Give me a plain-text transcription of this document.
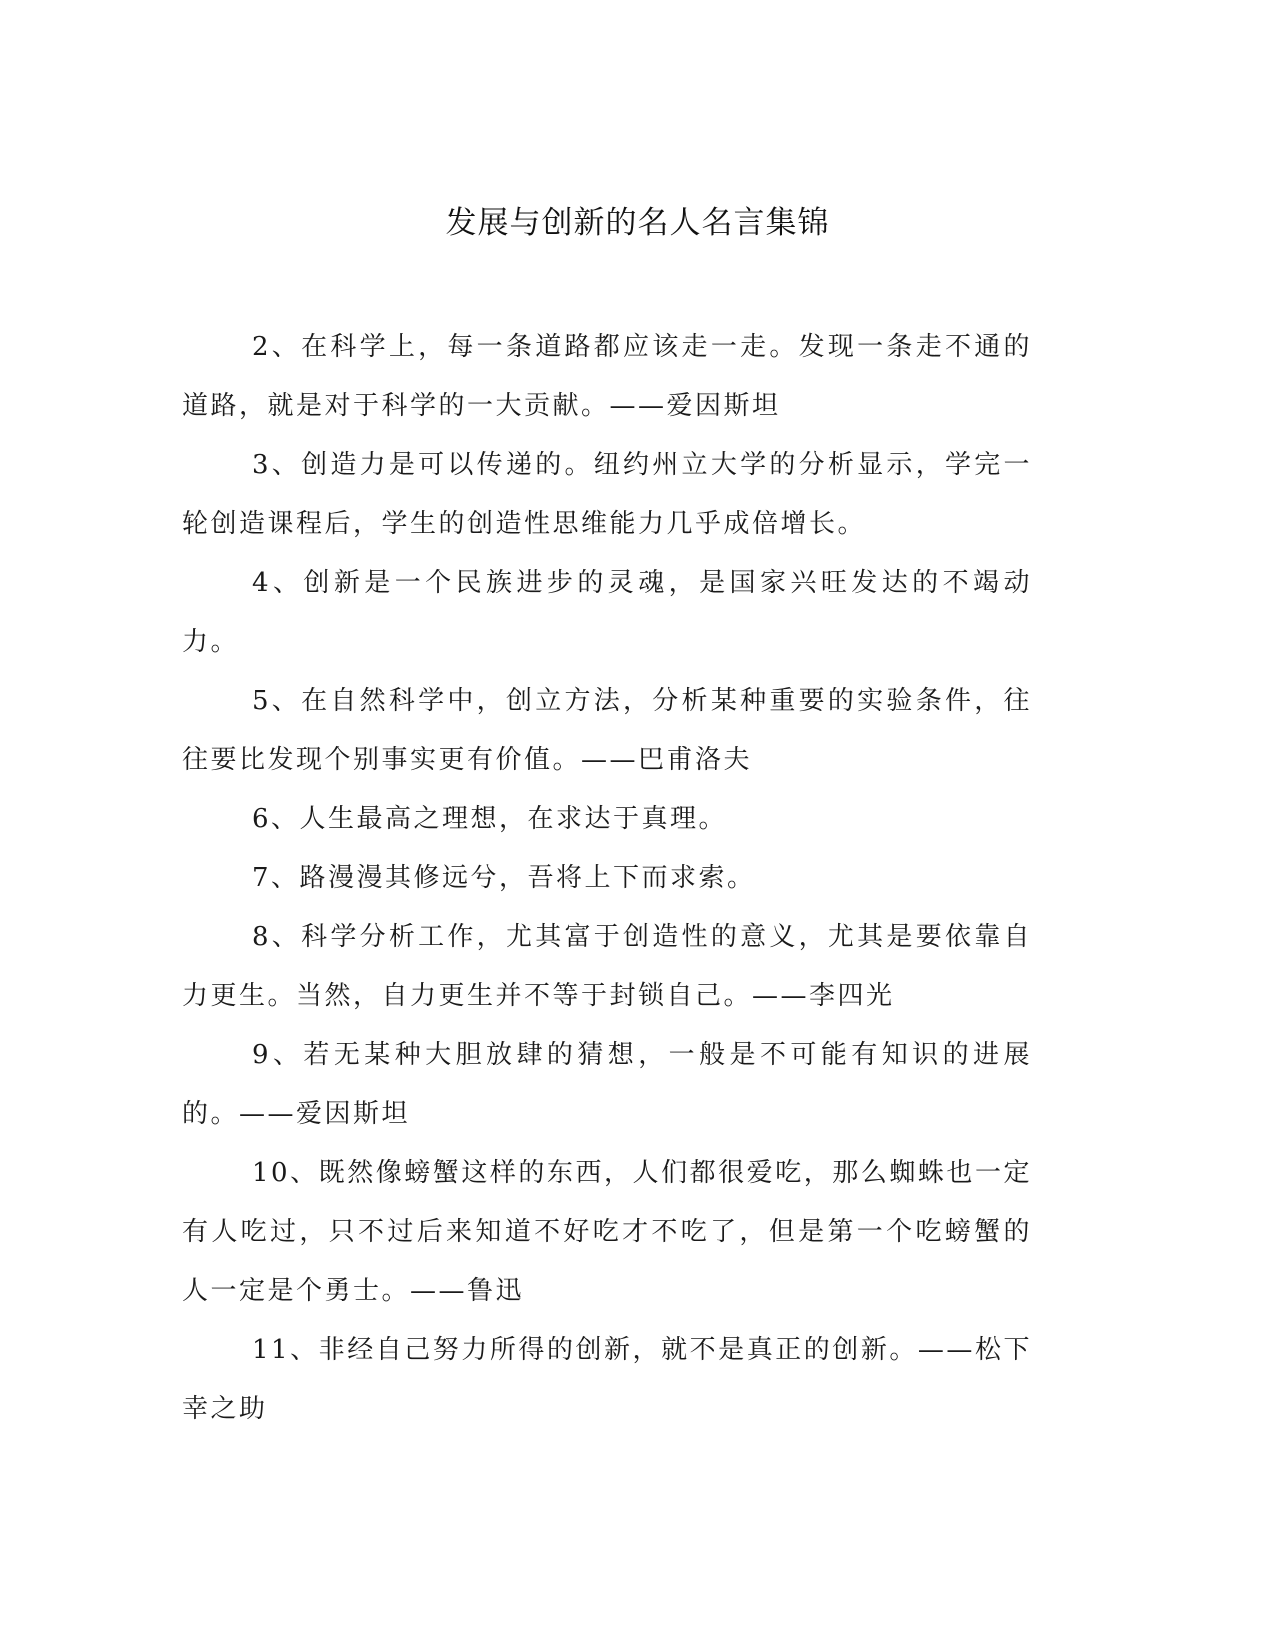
发展与创新的名人名言集锦

2、在科学上，每一条道路都应该走一走。发现一条走不通的道路，就是对于科学的一大贡献。——爱因斯坦

3、创造力是可以传递的。纽约州立大学的分析显示，学完一轮创造课程后，学生的创造性思维能力几乎成倍增长。

4、创新是一个民族进步的灵魂，是国家兴旺发达的不竭动力。

5、在自然科学中，创立方法，分析某种重要的实验条件，往往要比发现个别事实更有价值。——巴甫洛夫

6、人生最高之理想，在求达于真理。

7、路漫漫其修远兮，吾将上下而求索。

8、科学分析工作，尤其富于创造性的意义，尤其是要依靠自力更生。当然，自力更生并不等于封锁自己。——李四光

9、若无某种大胆放肆的猜想，一般是不可能有知识的进展的。——爱因斯坦

10、既然像螃蟹这样的东西，人们都很爱吃，那么蜘蛛也一定有人吃过，只不过后来知道不好吃才不吃了，但是第一个吃螃蟹的人一定是个勇士。——鲁迅

11、非经自己努力所得的创新，就不是真正的创新。——松下幸之助
